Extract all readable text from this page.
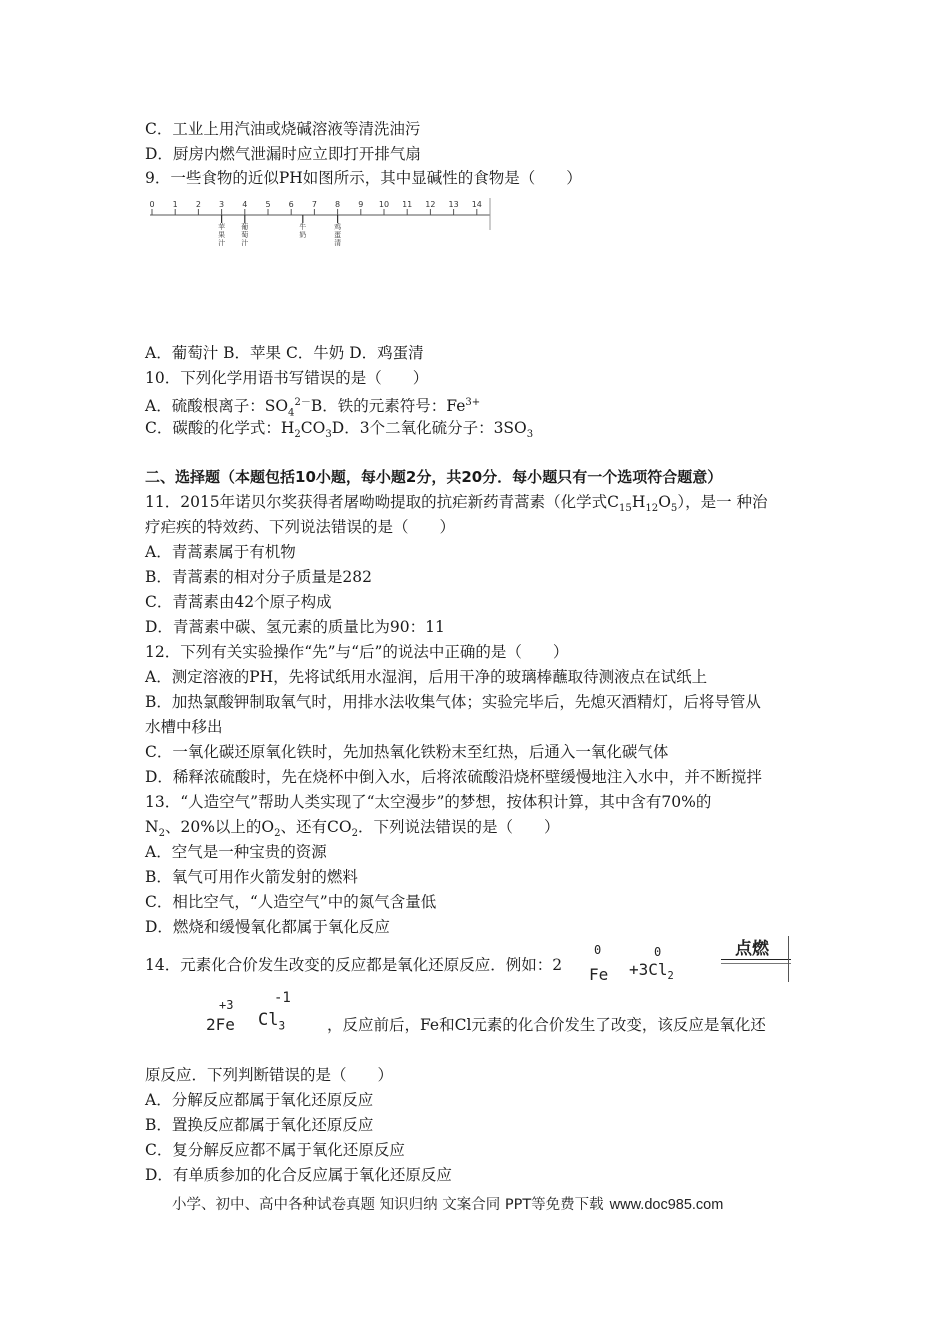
C．工业上用汽油或烧碱溶液等清洗油污
D．厨房内燃气泄漏时应立即打开排气扇
9．一些食物的近似PH如图所示，其中显碱性的食物是（　　）
0 1 2 3 4 5 6 7 8 9 10 11 12 13 14
苹果汁
葡萄汁
牛奶
鸡蛋清
A．葡萄汁 B．苹果 C．牛奶 D．鸡蛋清
10．下列化学用语书写错误的是（　　）
A．硫酸根离子：$SO_4^{2-}B$．铁的元素符号：$Fe^{3+}$
C．碳酸的化学式：$H_2CO_3D$．3个二氧化硫分子：$3SO_3$
二、选择题（本题包括10小题，每小题2分，共20分．每小题只有一个选项符合题意）
11．2015年诺贝尔奖获得者屠呦呦提取的抗疟新药青蒿素（化学式$C_{15}H_{12}O_5$），是一 种治
疗疟疾的特效药、下列说法错误的是（　　）
A．青蒿素属于有机物
B．青蒿素的相对分子质量是282
C．青蒿素由42个原子构成
D．青蒿素中碳、氢元素的质量比为90：11
12．下列有关实验操作“先”与“后”的说法中正确的是（　　）
A．测定溶液的PH，先将试纸用水湿润，后用干净的玻璃棒蘸取待测液点在试纸上
B．加热氯酸钾制取氧气时，用排水法收集气体；实验完毕后，先熄灭酒精灯，后将导管从
水槽中移出
C．一氧化碳还原氧化铁时，先加热氧化铁粉末至红热，后通入一氧化碳气体
D．稀释浓硫酸时，先在烧杯中倒入水，后将浓硫酸沿烧杯壁缓慢地注入水中，并不断搅拌
13．“人造空气”帮助人类实现了“太空漫步”的梦想，按体积计算，其中含有70%的
$N_2$、20%以上的$O_2$、还有$CO_2$．下列说法错误的是（　　）
A．空气是一种宝贵的资源
B．氧气可用作火箭发射的燃料
C．相比空气，“人造空气”中的氮气含量低
D．燃烧和缓慢氧化都属于氧化反应
14．元素化合价发生改变的反应都是氧化还原反应．例如：2
0
Fe
0
$+3Cl_2$
点燃
+3
2Fe
-1
$Cl_3$	，反应前后，Fe和Cl元素的化合价发生了改变，该反应是氧化还
原反应．下列判断错误的是（　　）
A．分解反应都属于氧化还原反应
B．置换反应都属于氧化还原反应
C．复分解反应都不属于氧化还原反应
D．有单质参加的化合反应属于氧化还原反应
小学、初中、高中各种试卷真题 知识归纳 文案合同 PPT等免费下载 www.doc985.com
